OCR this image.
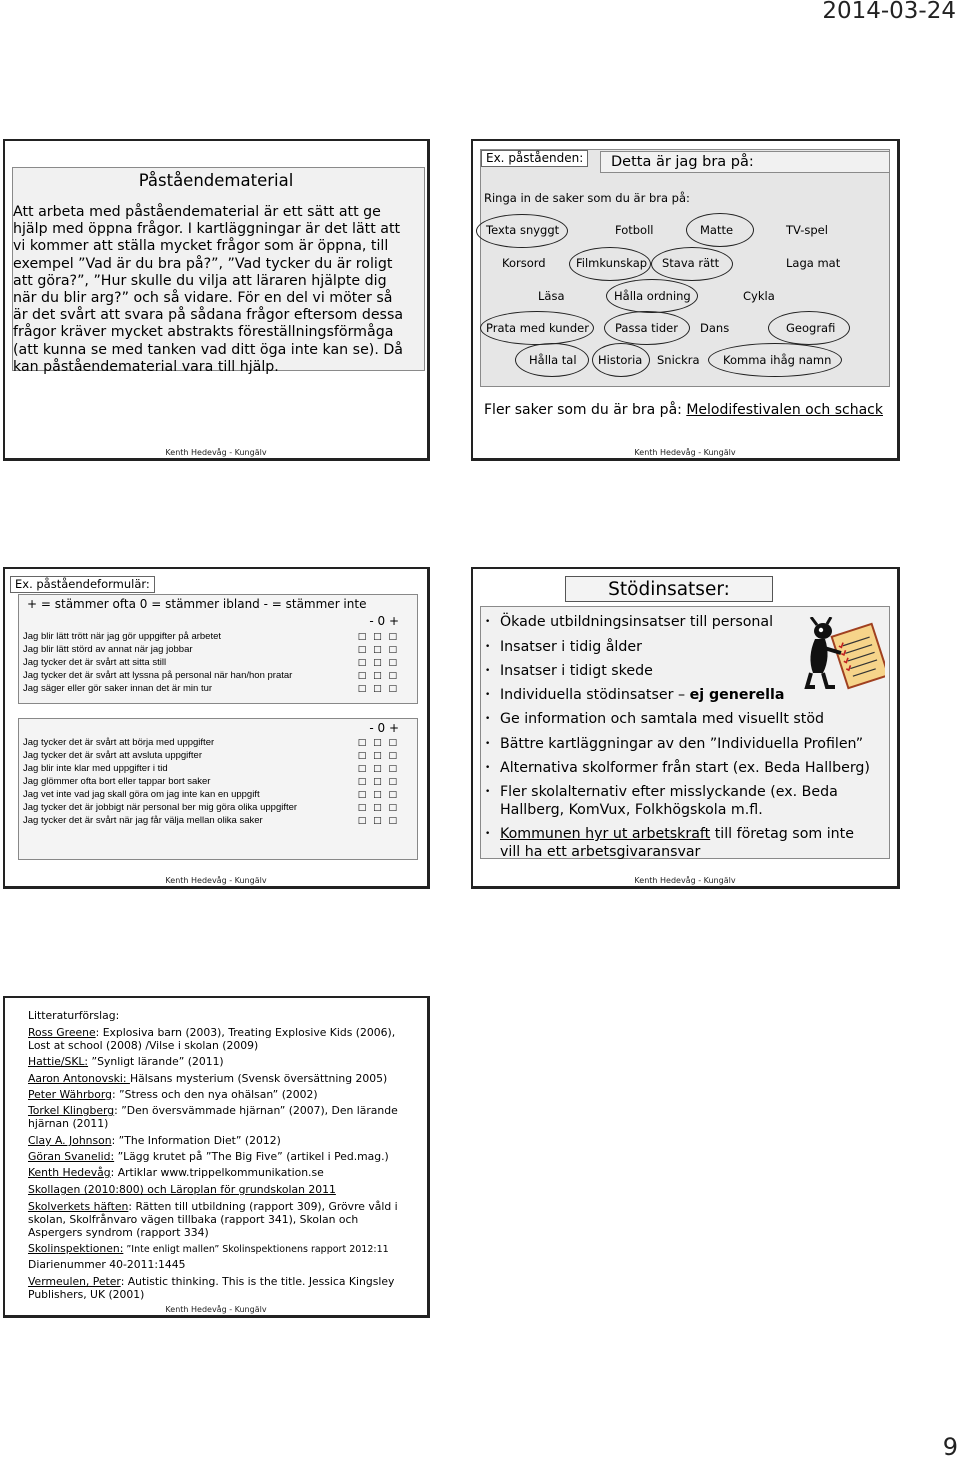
2014-03-24
Påståendematerial
Att arbeta med påståendematerial är ett sätt att ge
hjälp med öppna frågor. I kartläggningar är det lätt att
vi kommer att ställa mycket frågor som är öppna, till
exempel ”Vad är du bra på?”, ”Vad tycker du är roligt
att göra?”, ”Hur skulle du vilja att läraren hjälpte dig
när du blir arg?” och så vidare. För en del vi möter så
är det svårt att svara på sådana frågor eftersom dessa
frågor kräver mycket abstrakts föreställningsförmåga
(att kunna se med tanken vad ditt öga inte kan se). Då
kan påståendematerial vara till hjälp.
Kenth Hedevåg - Kungälv
Ex. påståenden:	Detta är jag bra på:
Ringa in de saker som du är bra på:
Texta snyggt	Fotboll	Matte	TV-spel
Korsord	Filmkunskap Stava rätt	Laga mat
Läsa	Hålla ordning	Cykla
Prata med kunder Passa tider Dans	Geografi
Hålla tal Historia Snickra Komma ihåg namn
Fler saker som du är bra på: Melodifestivalen och schack
Kenth Hedevåg - Kungälv
Ex. påståendeformulär:
+ = stämmer ofta 0 = stämmer ibland - = stämmer inte
- 0 +
Jag blir lätt trött när jag gör uppgifter på arbetet	□ □ □
Jag blir lätt störd av annat när jag jobbar	□ □ □
Jag tycker det är svårt att sitta still	□ □ □
Jag tycker det är svårt att lyssna på personal när han/hon pratar	□ □ □
Jag säger eller gör saker innan det är min tur	□ □ □
- 0 +
Jag tycker det är svårt att börja med uppgifter	□ □ □
Jag tycker det är svårt att avsluta uppgifter	□ □ □
Jag blir inte klar med uppgifter i tid	□ □ □
Jag glömmer ofta bort eller tappar bort saker	□ □ □
Jag vet inte vad jag skall göra om jag inte kan en uppgift	□ □ □
Jag tycker det är jobbigt när personal ber mig göra olika uppgifter	□ □ □
Jag tycker det är svårt när jag får välja mellan olika saker	□ □ □
Kenth Hedevåg - Kungälv
Stödinsatser:
• Ökade utbildningsinsatser till personal
• Insatser i tidig ålder
• Insatser i tidigt skede
• Individuella stödinsatser – ej generella
• Ge information och samtala med visuellt stöd
• Bättre kartläggningar av den ”Individuella Profilen”
• Alternativa skolformer från start (ex. Beda Hallberg)
• Fler skolalternativ efter misslyckande (ex. Beda
Hallberg, KomVux, Folkhögskola m.fl.
• Kommunen hyr ut arbetskraft till företag som inte
vill ha ett arbetsgivaransvar
Kenth Hedevåg - Kungälv
Litteraturförslag:
Ross Greene: Explosiva barn (2003), Treating Explosive Kids (2006),
Lost at school (2008) /Vilse i skolan (2009)
Hattie/SKL: ”Synligt lärande” (2011)
Aaron Antonovski: Hälsans mysterium (Svensk översättning 2005)
Peter Währborg: ”Stress och den nya ohälsan” (2002)
Torkel Klingberg: ”Den översvämmade hjärnan” (2007), Den lärande
hjärnan (2011)
Clay A. Johnson: ”The Information Diet” (2012)
Göran Svanelid: ”Lägg krutet på ”The Big Five” (artikel i Ped.mag.)
Kenth Hedevåg: Artiklar www.trippelkommunikation.se
Skollagen (2010:800) och Läroplan för grundskolan 2011
Skolverkets häften: Rätten till utbildning (rapport 309), Grövre våld i
skolan, Skolfrånvaro vägen tillbaka (rapport 341), Skolan och
Aspergers syndrom (rapport 334)
Skolinspektionen: ”Inte enligt mallen” Skolinspektionens rapport 2012:11
Diarienummer 40-2011:1445
Vermeulen, Peter: Autistic thinking. This is the title. Jessica Kingsley
Publishers, UK (2001)
Kenth Hedevåg - Kungälv
9
